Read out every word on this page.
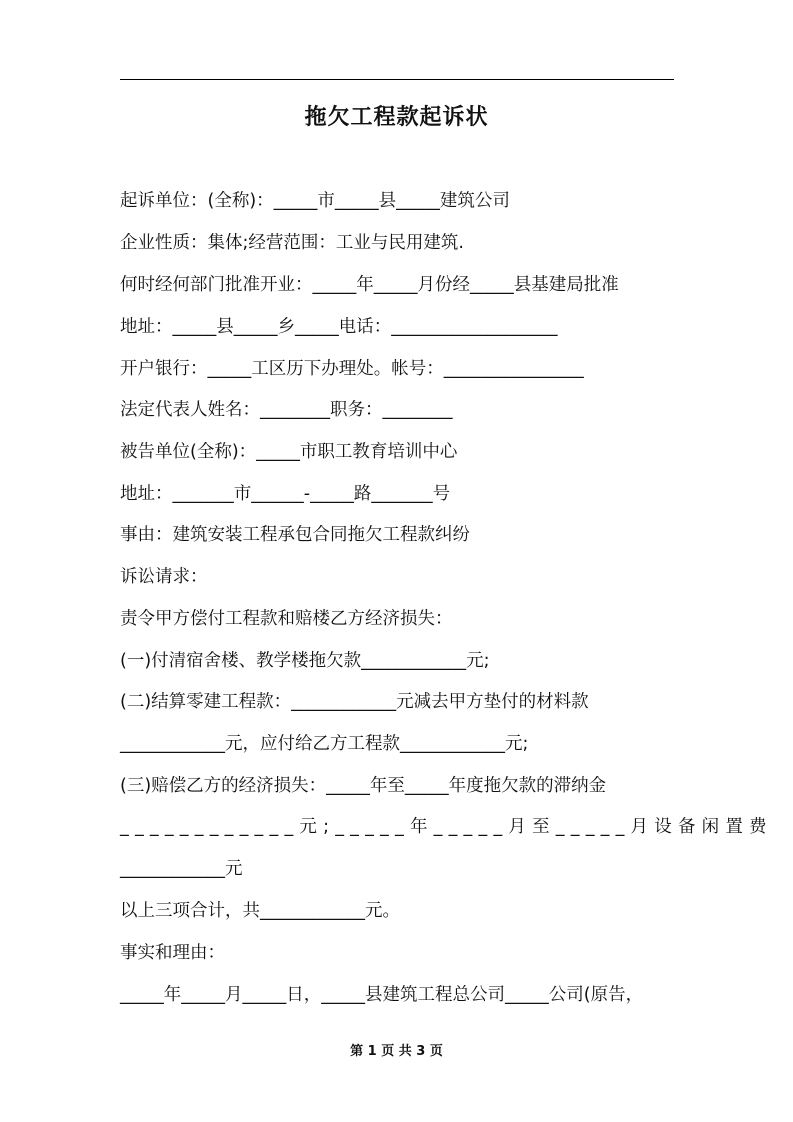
拖欠工程款起诉状
起诉单位：(全称)：_____市_____县_____建筑公司
企业性质：集体;经营范围：工业与民用建筑.
何时经何部门批准开业：_____年_____月份经_____县基建局批准
地址：_____县_____乡_____电话：___________________
开户银行：_____工区历下办理处。帐号：________________
法定代表人姓名：________职务：________
被告单位(全称)：_____市职工教育培训中心
地址：_______市______-_____路_______号
事由：建筑安装工程承包合同拖欠工程款纠纷
诉讼请求：
责令甲方偿付工程款和赔楼乙方经济损失：
(一)付清宿舍楼、教学楼拖欠款____________元;
(二)结算零建工程款：____________元减去甲方垫付的材料款
____________元，应付给乙方工程款____________元;
(三)赔偿乙方的经济损失：_____年至_____年度拖欠款的滞纳金
____________元;_____年_____月至_____月设备闲置费
____________元
以上三项合计，共____________元。
事实和理由：
_____年_____月_____日，_____县建筑工程总公司_____公司(原告，
第 1 页 共 3 页
